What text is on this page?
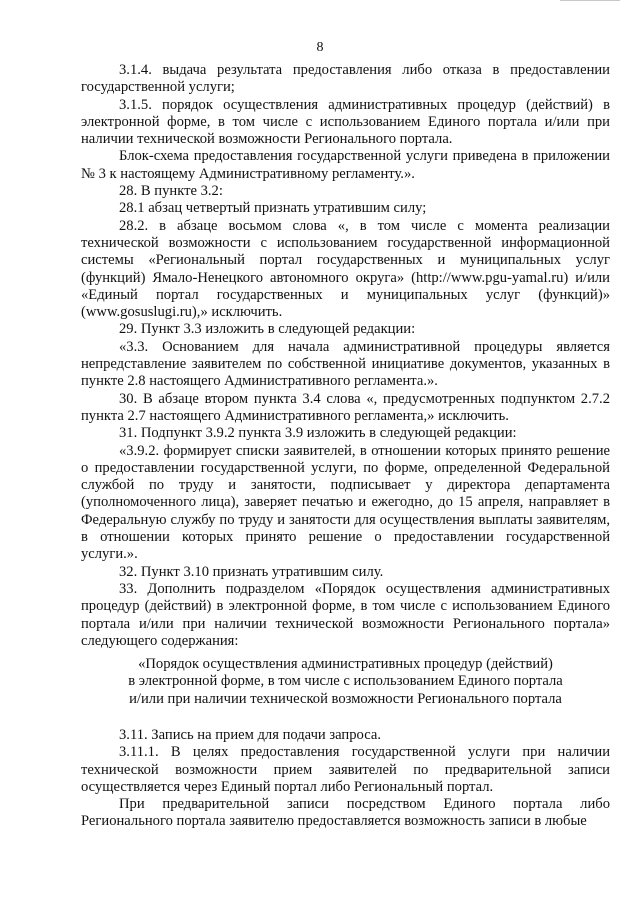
8

3.1.4. выдача результата предоставления либо отказа в предоставлении государственной услуги;

3.1.5. порядок осуществления административных процедур (действий) в электронной форме, в том числе с использованием Единого портала и/или при наличии технической возможности Регионального портала.

Блок-схема предоставления государственной услуги приведена в приложении № 3 к настоящему Административному регламенту.».

28. В пункте 3.2:

28.1 абзац четвертый признать утратившим силу;

28.2. в абзаце восьмом слова «, в том числе с момента реализации технической возможности с использованием государственной информационной системы «Региональный портал государственных и муниципальных услуг (функций) Ямало-Ненецкого автономного округа» (http://www.pgu-yamal.ru) и/или «Единый портал государственных и муниципальных услуг (функций)» (www.gosuslugi.ru),» исключить.

29. Пункт 3.3 изложить в следующей редакции:

«3.3. Основанием для начала административной процедуры является непредставление заявителем по собственной инициативе документов, указанных в пункте 2.8 настоящего Административного регламента.».

30. В абзаце втором пункта 3.4 слова «, предусмотренных подпунктом 2.7.2 пункта 2.7 настоящего Административного регламента,» исключить.

31. Подпункт 3.9.2 пункта 3.9 изложить в следующей редакции:

«3.9.2. формирует списки заявителей, в отношении которых принято решение о предоставлении государственной услуги, по форме, определенной Федеральной службой по труду и занятости, подписывает у директора департамента (уполномоченного лица), заверяет печатью и ежегодно, до 15 апреля, направляет в Федеральную службу по труду и занятости для осуществления выплаты заявителям, в отношении которых принято решение о предоставлении государственной услуги.».

32. Пункт 3.10 признать утратившим силу.

33. Дополнить подразделом «Порядок осуществления административных процедур (действий) в электронной форме, в том числе с использованием Единого портала и/или при наличии технической возможности Регионального портала» следующего содержания:

«Порядок осуществления административных процедур (действий)

в электронной форме, в том числе с использованием Единого портала

и/или при наличии технической возможности Регионального портала

3.11. Запись на прием для подачи запроса.

3.11.1. В целях предоставления государственной услуги при наличии технической возможности прием заявителей по предварительной записи осуществляется через Единый портал либо Региональный портал.

При предварительной записи посредством Единого портала либо Регионального портала заявителю предоставляется возможность записи в любые
